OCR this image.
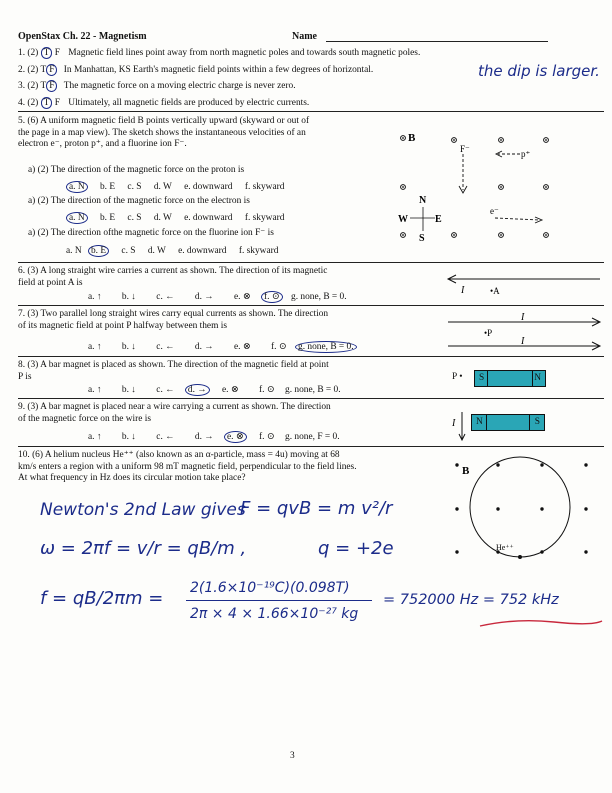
OpenStax Ch. 22 - Magnetism	Name
1. (2) T F Magnetic field lines point away from north magnetic poles and towards south magnetic poles.
2. (2) T F In Manhattan, KS Earth's magnetic field points within a few degrees of horizontal.
3. (2) T F The magnetic force on a moving electric charge is never zero.
4. (2) T F Ultimately, all magnetic fields are produced by electric currents.
the dip is larger.
5. (6) A uniform magnetic field B points vertically upward (skyward or out of
the page in a map view). The sketch shows the instantaneous velocities of an
electron e⁻, proton p⁺, and a fluorine ion F⁻.
a) (2) The direction of the magnetic force on the proton is
a. N b. E c. S d. W e. downward f. skyward
a) (2) The direction of the magnetic force on the electron is
a. N b. E c. S d. W e. downward f. skyward
a) (2) The direction ofthe magnetic force on the fluorine ion F⁻ is
a. N b. E c. S d. W e. downward f. skyward
B
F⁻	p⁺
e⁻
N
S
W	E
6. (3) A long straight wire carries a current as shown. The direction of its magnetic
field at point A is
a. ↑ b. ↓ c. ← d. → e. ⊗ f. ⊙ g. none, B = 0.
I	•A
7. (3) Two parallel long straight wires carry equal currents as shown. The direction
of its magnetic field at point P halfway between them is
a. ↑ b. ↓ c. ← d. → e. ⊗ f. ⊙ g. none, B = 0.
I
I
•P
8. (3) A bar magnet is placed as shown. The direction of the magnetic field at point
P is
a. ↑ b. ↓ c. ← d. → e. ⊗ f. ⊙ g. none, B = 0.
P • S	N
9. (3) A bar magnet is placed near a wire carrying a current as shown. The direction
of the magnetic force on the wire is
a. ↑ b. ↓ c. ← d. → e. ⊗ f. ⊙ g. none, F = 0.
I N	S
10. (6) A helium nucleus He⁺⁺ (also known as an α-particle, mass = 4u) moving at 68
km/s enters a region with a uniform 98 mT magnetic field, perpendicular to the field lines.
At what frequency in Hz does its circular motion take place?
B
He⁺⁺
Newton's 2nd Law gives
F = qvB = m v²/r
ω = 2πf = v/r = qB/m ,	q = +2e
f = qB/2πm = 2(1.6×10⁻¹⁹C)(0.098T)
2π × 4 × 1.66×10⁻²⁷ kg
= 752000 Hz = 752 kHz
3
